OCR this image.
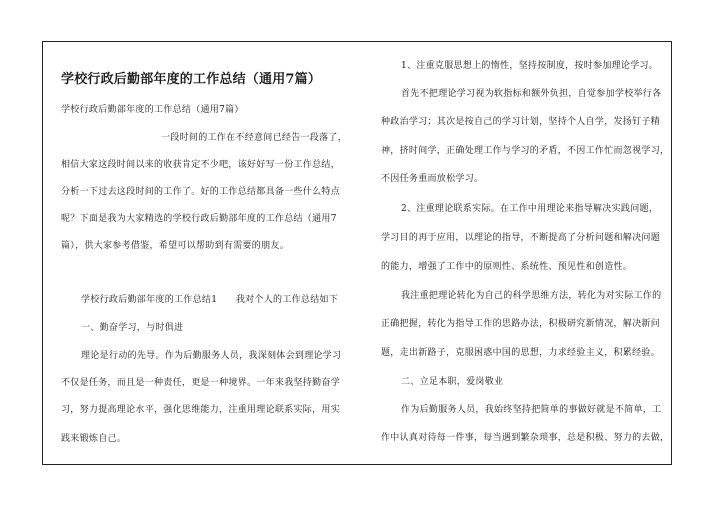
学校行政后勤部年度的工作总结（通用7篇）
学校行政后勤部年度的工作总结（通用7篇）
一段时间的工作在不经意间已经告一段落了，
相信大家这段时间以来的收获肯定不少吧，该好好写一份工作总结，
分析一下过去这段时间的工作了。好的工作总结都具备一些什么特点
呢？下面是我为大家精选的学校行政后勤部年度的工作总结（通用7
篇），供大家参考借鉴，希望可以帮助到有需要的朋友。
学校行政后勤部年度的工作总结1　　我对个人的工作总结如下
一、勤奋学习，与时俱进
理论是行动的先导。作为后勤服务人员，我深刻体会到理论学习
不仅是任务，而且是一种责任，更是一种境界。一年来我坚持勤奋学
习，努力提高理论水平，强化思维能力，注重用理论联系实际，用实
践来锻炼自己。
1、注重克服思想上的惰性，坚持按制度，按时参加理论学习。
首先不把理论学习视为软指标和额外负担，自觉参加学校举行各
种政治学习；其次是按自己的学习计划，坚持个人自学，发扬钉子精
神，挤时间学，正确处理工作与学习的矛盾，不因工作忙而忽视学习，
不因任务重而放松学习。
2、注重理论联系实际。在工作中用理论来指导解决实践问题，
学习目的再于应用，以理论的指导，不断提高了分析问题和解决问题
的能力，增强了工作中的原则性、系统性、预见性和创造性。
我注重把理论转化为自己的科学思维方法，转化为对实际工作的
正确把握，转化为指导工作的思路办法，积极研究新情况，解决新问
题，走出新路子，克服困惑中国的思想，力求经验主义，积累经验。
二、立足本职，爱岗敬业
作为后勤服务人员，我始终坚持把简单的事做好就是不简单，工
作中认真对待每一件事，每当遇到繁杂琐事，总是积极、努力的去做，
